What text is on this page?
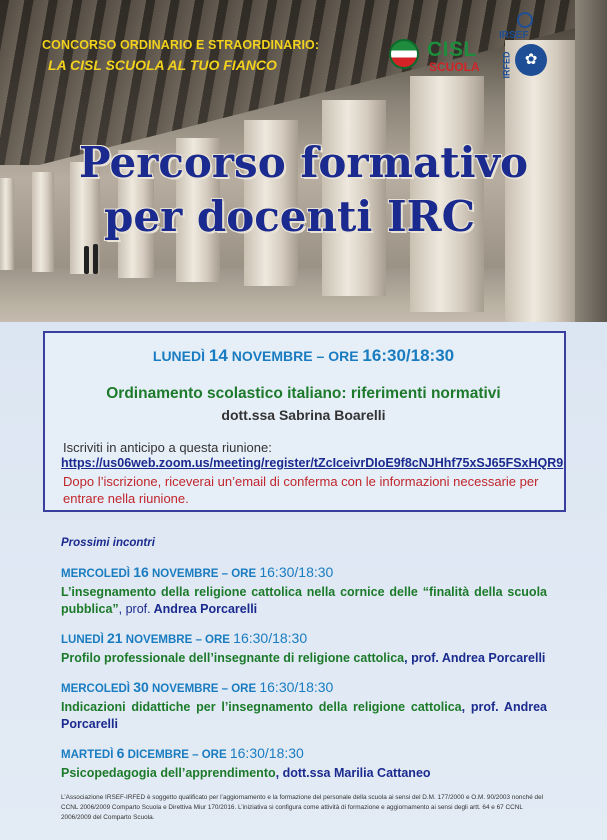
CONCORSO ORDINARIO E STRAORDINARIO:
LA CISL SCUOLA AL TUO FIANCO
CISL
SCUOLA
IRSEF
IRFED ✿
Percorso formativo
per docenti IRC
LUNEDÌ 14 NOVEMBRE – ORE 16:30/18:30
Ordinamento scolastico italiano: riferimenti normativi
dott.ssa Sabrina Boarelli
Iscriviti in anticipo a questa riunione:
https://us06web.zoom.us/meeting/register/tZcIceivrDIoE9f8cNJHhf75xSJ65FSxHQR9
Dopo l’iscrizione, riceverai un’email di conferma con le informazioni necessarie per entrare nella riunione.
Prossimi incontri
MERCOLEDÌ 16 NOVEMBRE – ORE 16:30/18:30
L’insegnamento della religione cattolica nella cornice delle “finalità della scuola pubblica”, prof. Andrea Porcarelli
LUNEDÌ 21 NOVEMBRE – ORE 16:30/18:30
Profilo professionale dell’insegnante di religione cattolica, prof. Andrea Porcarelli
MERCOLEDÌ 30 NOVEMBRE – ORE 16:30/18:30
Indicazioni didattiche per l’insegnamento della religione cattolica, prof. Andrea Porcarelli
MARTEDÌ 6 DICEMBRE – ORE 16:30/18:30
Psicopedagogia dell’apprendimento, dott.ssa Marilia Cattaneo
L’Associazione IRSEF-IRFED è soggetto qualificato per l’aggiornamento e la formazione del personale della scuola ai sensi del D.M. 177/2000 e O.M. 90/2003 nonché del CCNL 2006/2009 Comparto Scuola e Direttiva Miur 170/2016. L’iniziativa si configura come attività di formazione e aggiornamento ai sensi degli artt. 64 e 67 CCNL 2006/2009 del Comparto Scuola.
